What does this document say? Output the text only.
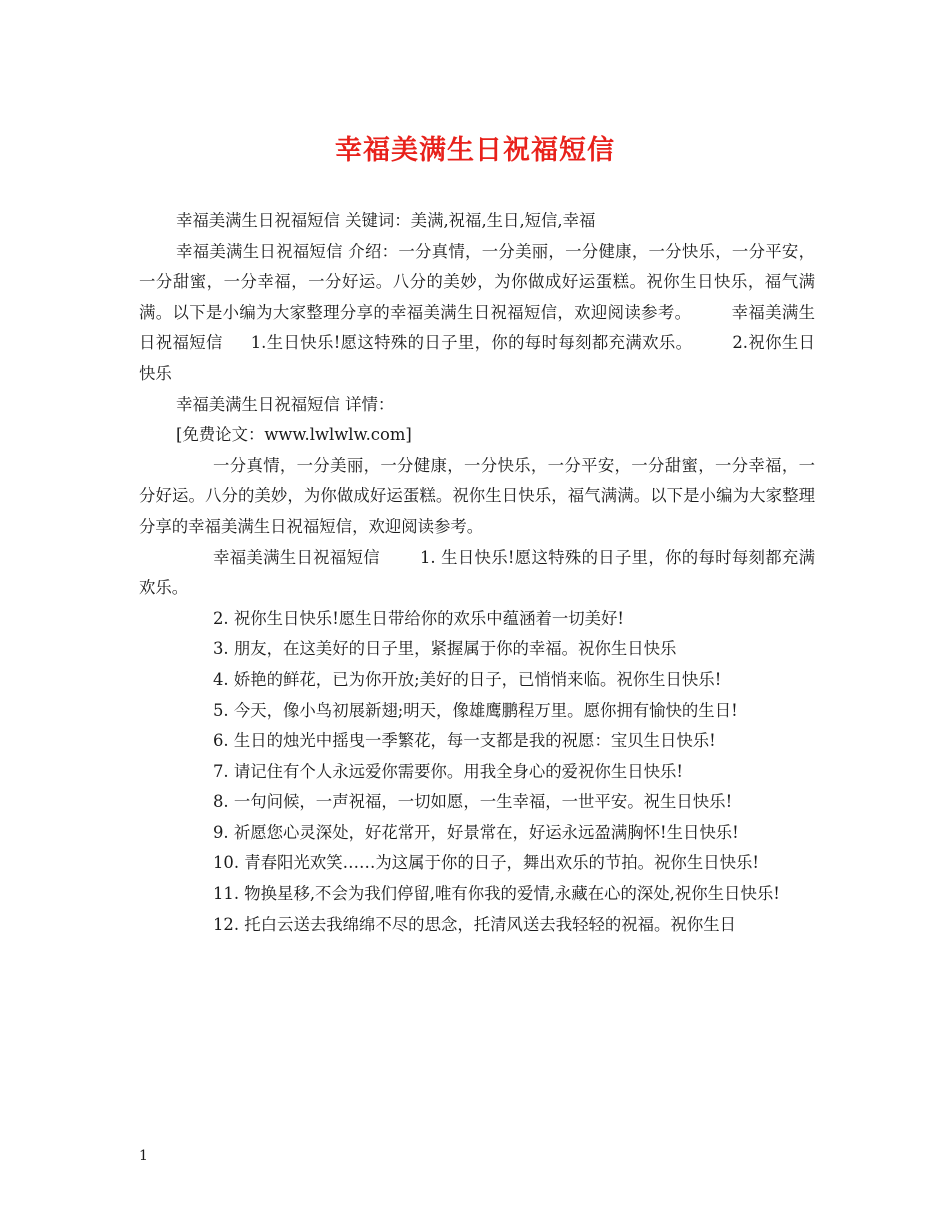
幸福美满生日祝福短信

幸福美满生日祝福短信 关键词：美满,祝福,生日,短信,幸福

幸福美满生日祝福短信 介绍：一分真情，一分美丽，一分健康，一分快乐，一分平安，一分甜蜜，一分幸福，一分好运。八分的美妙，为你做成好运蛋糕。祝你生日快乐，福气满满。以下是小编为大家整理分享的幸福美满生日祝福短信，欢迎阅读参考。 幸福美满生日祝福短信 1.生日快乐!愿这特殊的日子里，你的每时每刻都充满欢乐。 2.祝你生日快乐

幸福美满生日祝福短信 详情：

[免费论文：www.lwlwlw.com]

一分真情，一分美丽，一分健康，一分快乐，一分平安，一分甜蜜，一分幸福，一分好运。八分的美妙，为你做成好运蛋糕。祝你生日快乐，福气满满。以下是小编为大家整理分享的幸福美满生日祝福短信，欢迎阅读参考。

幸福美满生日祝福短信 1. 生日快乐!愿这特殊的日子里，你的每时每刻都充满欢乐。

2. 祝你生日快乐!愿生日带给你的欢乐中蕴涵着一切美好!

3. 朋友，在这美好的日子里，紧握属于你的幸福。祝你生日快乐

4. 娇艳的鲜花，已为你开放;美好的日子，已悄悄来临。祝你生日快乐!

5. 今天，像小鸟初展新翅;明天，像雄鹰鹏程万里。愿你拥有愉快的生日!

6. 生日的烛光中摇曳一季繁花，每一支都是我的祝愿：宝贝生日快乐!

7. 请记住有个人永远爱你需要你。用我全身心的爱祝你生日快乐!

8. 一句问候，一声祝福，一切如愿，一生幸福，一世平安。祝生日快乐!

9. 祈愿您心灵深处，好花常开，好景常在，好运永远盈满胸怀!生日快乐!

10. 青春阳光欢笑……为这属于你的日子，舞出欢乐的节拍。祝你生日快乐!

11. 物换星移,不会为我们停留,唯有你我的爱情,永藏在心的深处,祝你生日快乐!

12. 托白云送去我绵绵不尽的思念，托清风送去我轻轻的祝福。祝你生日

1
